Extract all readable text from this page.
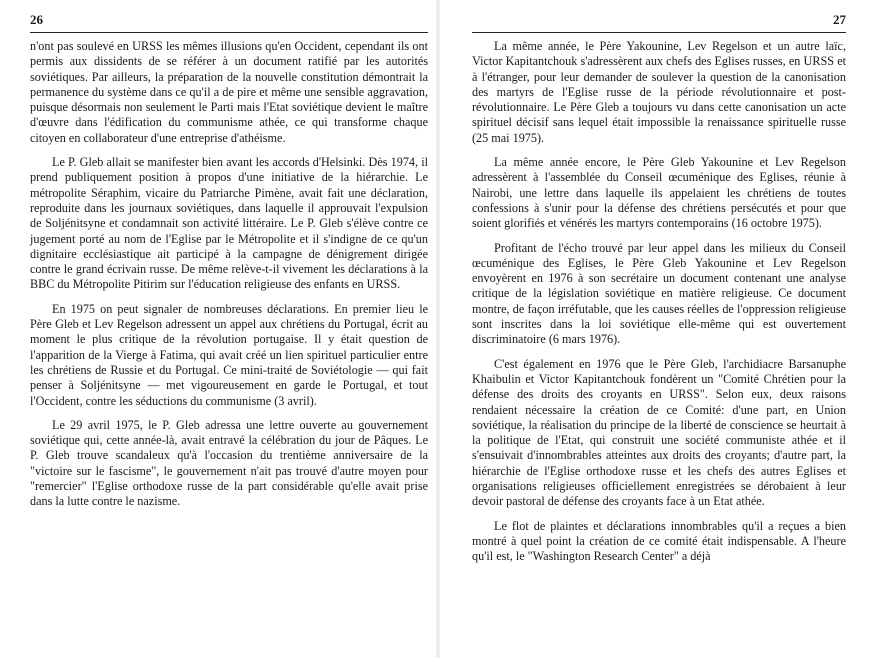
26

n'ont pas soulevé en URSS les mêmes illusions qu'en Occident, cependant ils ont permis aux dissidents de se référer à un document ratifié par les autorités soviétiques. Par ailleurs, la préparation de la nouvelle constitution démontrait la permanence du système dans ce qu'il a de pire et même une sensible aggravation, puisque désormais non seulement le Parti mais l'Etat soviétique devient le maître d'œuvre dans l'édification du communisme athée, ce qui transforme chaque citoyen en collaborateur d'une entreprise d'athéisme.

Le P. Gleb allait se manifester bien avant les accords d'Helsinki. Dès 1974, il prend publiquement position à propos d'une initiative de la hiérarchie. Le métropolite Séraphim, vicaire du Patriarche Pimène, avait fait une déclaration, reproduite dans les journaux soviétiques, dans laquelle il approuvait l'expulsion de Soljénitsyne et condamnait son activité littéraire. Le P. Gleb s'élève contre ce jugement porté au nom de l'Eglise par le Métropolite et il s'indigne de ce qu'un dignitaire ecclésiastique ait participé à la campagne de dénigrement dirigée contre le grand écrivain russe. De même relève-t-il vivement les déclarations à la BBC du Métropolite Pitirim sur l'éducation religieuse des enfants en URSS.

En 1975 on peut signaler de nombreuses déclarations. En premier lieu le Père Gleb et Lev Regelson adressent un appel aux chrétiens du Portugal, écrit au moment le plus critique de la révolution portugaise. Il y était question de l'apparition de la Vierge à Fatima, qui avait créé un lien spirituel particulier entre les chrétiens de Russie et du Portugal. Ce mini-traité de Soviétologie — qui fait penser à Soljénitsyne — met vigoureusement en garde le Portugal, et tout l'Occident, contre les séductions du communisme (3 avril).

Le 29 avril 1975, le P. Gleb adressa une lettre ouverte au gouvernement soviétique qui, cette année-là, avait entravé la célébration du jour de Pâques. Le P. Gleb trouve scandaleux qu'à l'occasion du trentième anniversaire de la "victoire sur le fascisme", le gouvernement n'ait pas trouvé d'autre moyen pour "remercier" l'Eglise orthodoxe russe de la part considérable qu'elle avait prise dans la lutte contre le nazisme.

27

La même année, le Père Yakounine, Lev Regelson et un autre laïc, Victor Kapitantchouk s'adressèrent aux chefs des Eglises russes, en URSS et à l'étranger, pour leur demander de soulever la question de la canonisation des martyrs de l'Eglise russe de la période révolutionnaire et post-révolutionnaire. Le Père Gleb a toujours vu dans cette canonisation un acte spirituel décisif sans lequel était impossible la renaissance spirituelle russe (25 mai 1975).

La même année encore, le Père Gleb Yakounine et Lev Regelson adressèrent à l'assemblée du Conseil œcuménique des Eglises, réunie à Nairobi, une lettre dans laquelle ils appelaient les chrétiens de toutes confessions à s'unir pour la défense des chrétiens persécutés et pour que soient glorifiés et vénérés les martyrs contemporains (16 octobre 1975).

Profitant de l'écho trouvé par leur appel dans les milieux du Conseil œcuménique des Eglises, le Père Gleb Yakounine et Lev Regelson envoyèrent en 1976 à son secrétaire un document contenant une analyse critique de la législation soviétique en matière religieuse. Ce document montre, de façon irréfutable, que les causes réelles de l'oppression religieuse sont inscrites dans la loi soviétique elle-même qui est ouvertement discriminatoire (6 mars 1976).

C'est également en 1976 que le Père Gleb, l'archidiacre Barsanuphe Khaibulin et Victor Kapitantchouk fondèrent un "Comité Chrétien pour la défense des droits des croyants en URSS". Selon eux, deux raisons rendaient nécessaire la création de ce Comité: d'une part, en Union soviétique, la réalisation du principe de la liberté de conscience se heurtait à la politique de l'Etat, qui construit une société communiste athée et il s'ensuivait d'innombrables atteintes aux droits des croyants; d'autre part, la hiérarchie de l'Eglise orthodoxe russe et les chefs des autres Eglises et organisations religieuses officiellement enregistrées se dérobaient à leur devoir pastoral de défense des croyants face à un Etat athée.

Le flot de plaintes et déclarations innombrables qu'il a reçues a bien montré à quel point la création de ce comité était indispensable. A l'heure qu'il est, le "Washington Research Center" a déjà
